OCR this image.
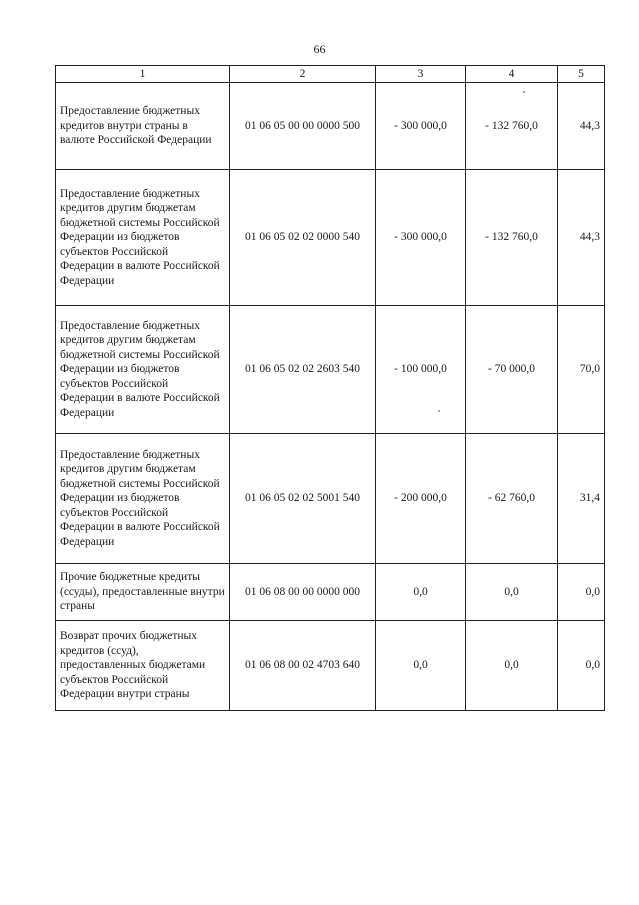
66
1	2	3	4	5
Предоставление бюджетных кредитов внутри страны в валюте Российской Федерации	01 06 05 00 00 0000 500	- 300 000,0	- 132 760,0	44,3
Предоставление бюджетных кредитов другим бюджетам бюджетной системы Российской Федерации из бюджетов субъектов Российской Федерации в валюте Российской Федерации	01 06 05 02 02 0000 540	- 300 000,0	- 132 760,0	44,3
Предоставление бюджетных кредитов другим бюджетам бюджетной системы Российской Федерации из бюджетов субъектов Российской Федерации в валюте Российской Федерации	01 06 05 02 02 2603 540	- 100 000,0	- 70 000,0	70,0
Предоставление бюджетных кредитов другим бюджетам бюджетной системы Российской Федерации из бюджетов субъектов Российской Федерации в валюте Российской Федерации	01 06 05 02 02 5001 540	- 200 000,0	- 62 760,0	31,4
Прочие бюджетные кредиты (ссуды), предоставленные внутри страны	01 06 08 00 00 0000 000	0,0	0,0	0,0
Возврат прочих бюджетных кредитов (ссуд), предоставленных бюджетами субъектов Российской Федерации внутри страны	01 06 08 00 02 4703 640	0,0	0,0	0,0
